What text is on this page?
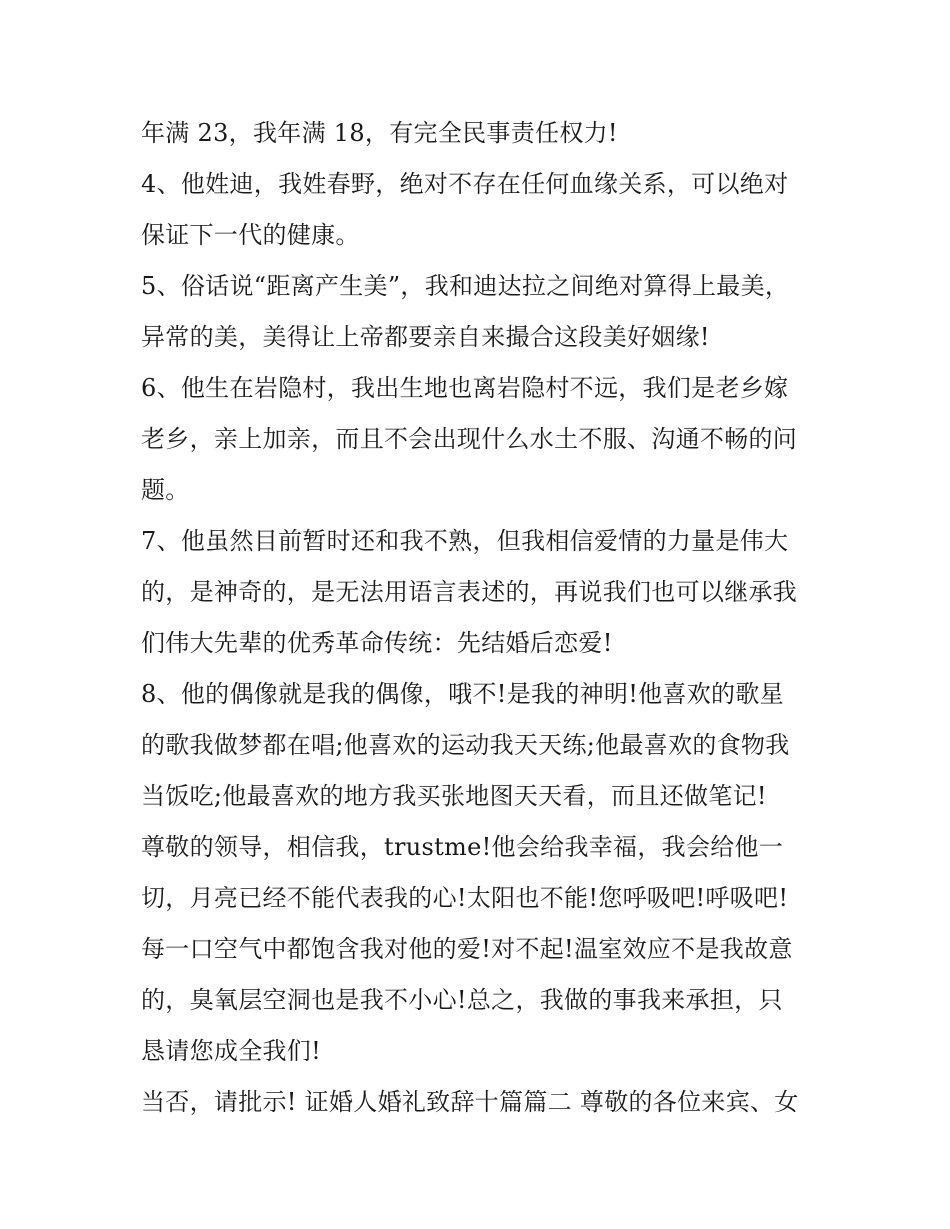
年满 23，我年满 18，有完全民事责任权力!
4、他姓迪，我姓春野，绝对不存在任何血缘关系，可以绝对
保证下一代的健康。
5、俗话说“距离产生美”，我和迪达拉之间绝对算得上最美，
异常的美，美得让上帝都要亲自来撮合这段美好姻缘!
6、他生在岩隐村，我出生地也离岩隐村不远，我们是老乡嫁
老乡，亲上加亲，而且不会出现什么水土不服、沟通不畅的问
题。
7、他虽然目前暂时还和我不熟，但我相信爱情的力量是伟大
的，是神奇的，是无法用语言表述的，再说我们也可以继承我
们伟大先辈的优秀革命传统：先结婚后恋爱!
8、他的偶像就是我的偶像，哦不!是我的神明!他喜欢的歌星
的歌我做梦都在唱;他喜欢的运动我天天练;他最喜欢的食物我
当饭吃;他最喜欢的地方我买张地图天天看，而且还做笔记!
尊敬的领导，相信我，trustme!他会给我幸福，我会给他一
切，月亮已经不能代表我的心!太阳也不能!您呼吸吧!呼吸吧!
每一口空气中都饱含我对他的爱!对不起!温室效应不是我故意
的，臭氧层空洞也是我不小心!总之，我做的事我来承担，只
恳请您成全我们!
当否，请批示! 证婚人婚礼致辞十篇篇二 尊敬的各位来宾、女
